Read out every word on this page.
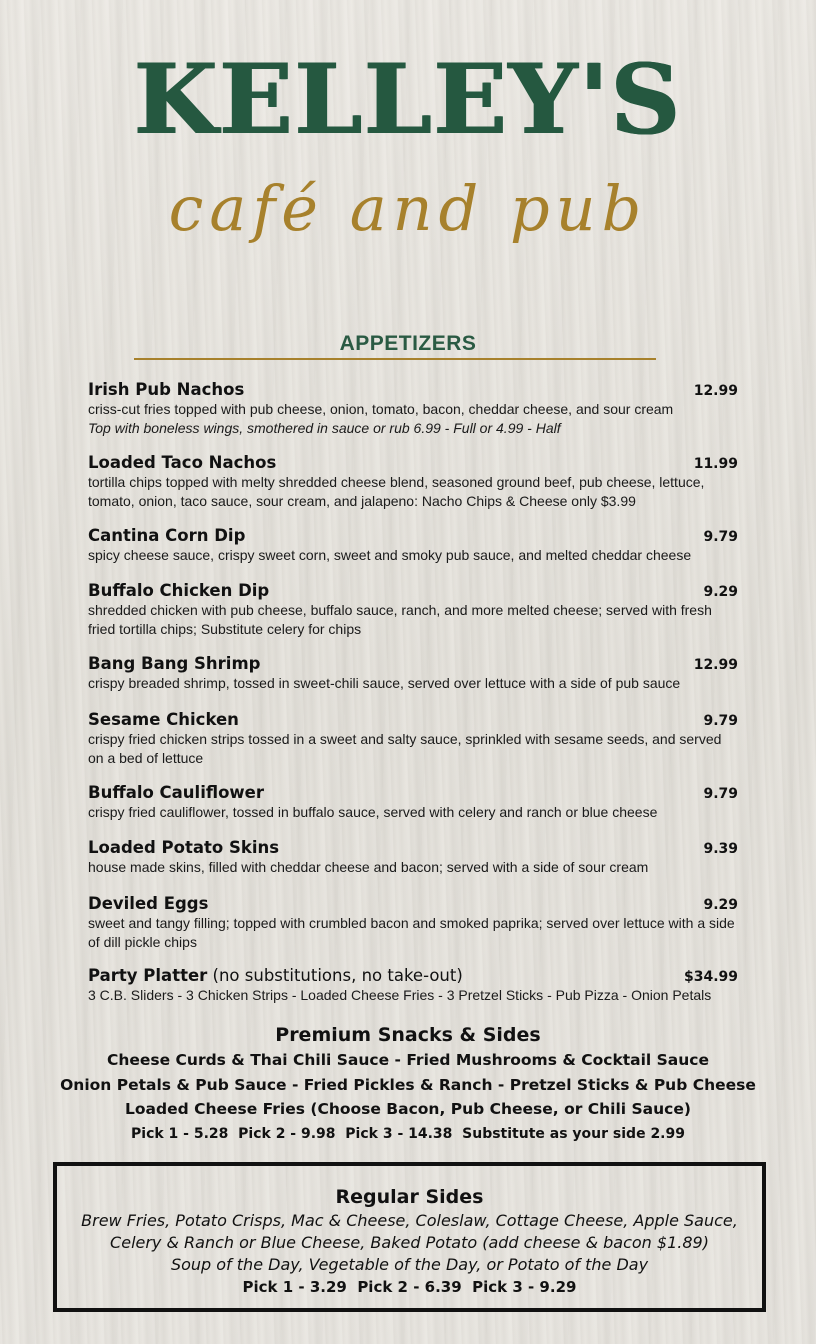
KELLEY'S
café and pub
APPETIZERS
Irish Pub Nachos	12.99
criss-cut fries topped with pub cheese, onion, tomato, bacon, cheddar cheese, and sour cream
Top with boneless wings, smothered in sauce or rub 6.99 - Full or 4.99 - Half
Loaded Taco Nachos	11.99
tortilla chips topped with melty shredded cheese blend, seasoned ground beef, pub cheese, lettuce, tomato, onion, taco sauce, sour cream, and jalapeno: Nacho Chips & Cheese only $3.99
Cantina Corn Dip	9.79
spicy cheese sauce, crispy sweet corn, sweet and smoky pub sauce, and melted cheddar cheese
Buffalo Chicken Dip	9.29
shredded chicken with pub cheese, buffalo sauce, ranch, and more melted cheese; served with fresh fried tortilla chips; Substitute celery for chips
Bang Bang Shrimp	12.99
crispy breaded shrimp, tossed in sweet-chili sauce, served over lettuce with a side of pub sauce
Sesame Chicken	9.79
crispy fried chicken strips tossed in a sweet and salty sauce, sprinkled with sesame seeds, and served on a bed of lettuce
Buffalo Cauliflower	9.79
crispy fried cauliflower, tossed in buffalo sauce, served with celery and ranch or blue cheese
Loaded Potato Skins	9.39
house made skins, filled with cheddar cheese and bacon; served with a side of sour cream
Deviled Eggs	9.29
sweet and tangy filling; topped with crumbled bacon and smoked paprika; served over lettuce with a side of dill pickle chips
Party Platter (no substitutions, no take-out)	$34.99
3 C.B. Sliders - 3 Chicken Strips - Loaded Cheese Fries - 3 Pretzel Sticks - Pub Pizza - Onion Petals
Premium Snacks & Sides
Cheese Curds & Thai Chili Sauce - Fried Mushrooms & Cocktail Sauce
Onion Petals & Pub Sauce - Fried Pickles & Ranch - Pretzel Sticks & Pub Cheese
Loaded Cheese Fries (Choose Bacon, Pub Cheese, or Chili Sauce)
Pick 1 - 5.28  Pick 2 - 9.98  Pick 3 - 14.38  Substitute as your side 2.99
Regular Sides
Brew Fries, Potato Crisps, Mac & Cheese, Coleslaw, Cottage Cheese, Apple Sauce,
Celery & Ranch or Blue Cheese, Baked Potato (add cheese & bacon $1.89)
Soup of the Day, Vegetable of the Day, or Potato of the Day
Pick 1 - 3.29  Pick 2 - 6.39  Pick 3 - 9.29
